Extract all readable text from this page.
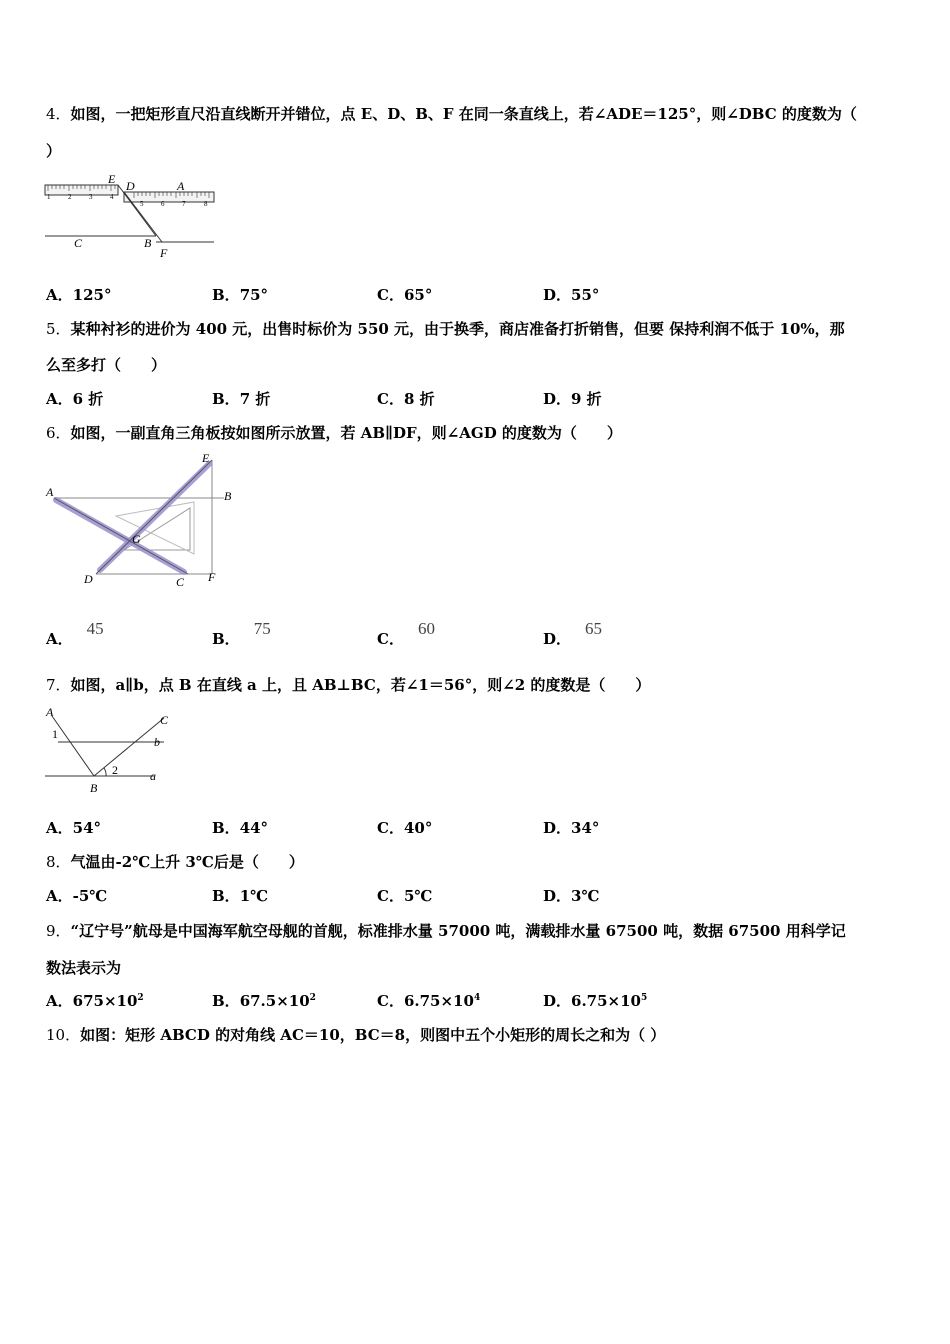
4．如图，一把矩形直尺沿直线断开并错位，点 E、D、B、F 在同一条直线上，若∠ADE＝125°，则∠DBC 的度数为（
）
1	2	3	4
5	6	7	8
E D	A
C	B
F
A．125°	B．75°	C．65°	D．55°
5．某种衬衫的进价为 400 元，出售时标价为 550 元，由于换季，商店准备打折销售，但要 保持利润不低于 10%，那
么至多打（　　）
A．6 折	B．7 折	C．8 折	D．9 折
6．如图，一副直角三角板按如图所示放置，若 AB∥DF，则∠AGD 的度数为（　　）
E
A	B
G
D	C F
A．45
B．75
C．60
D．65
7．如图，a∥b，点 B 在直线 a 上，且 AB⊥BC，若∠1＝56°，则∠2 的度数是（　　）
A
C
1
b
2	a
B
A．54°	B．44°	C．40°	D．34°
8．气温由-2℃上升 3℃后是（　　）
A．-5℃	B．1℃	C．5℃	D．3℃
9．“辽宁号”航母是中国海军航空母舰的首舰，标准排水量 57000 吨，满载排水量 67500 吨，数据 67500 用科学记
数法表示为
A．$675\times 10^2$	B．$67.5\times 10^2$	C．$6.75\times 10^4$	D．$6.75\times 10^5$
10．如图：矩形 ABCD 的对角线 AC＝10，BC＝8，则图中五个小矩形的周长之和为（ ）
